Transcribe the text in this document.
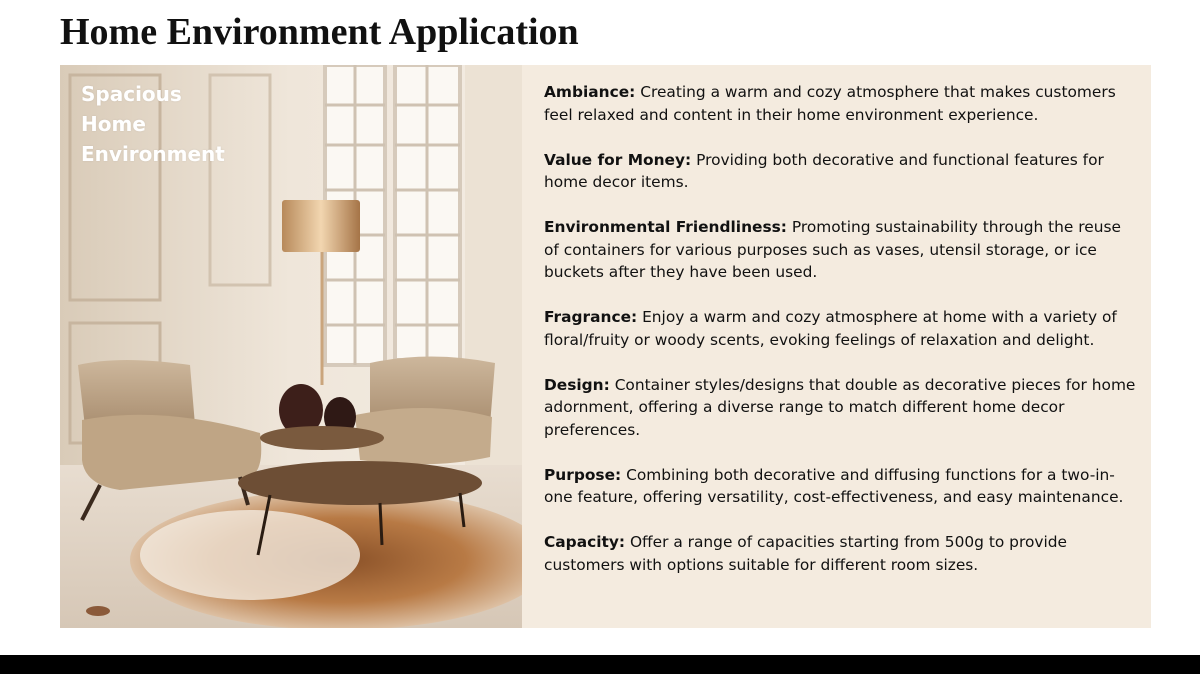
Home Environment Application
Spacious Home Environment

Ambiance: Creating a warm and cozy atmosphere that makes customers feel relaxed and content in their home environment experience.

Value for Money: Providing both decorative and functional features for home decor items.

Environmental Friendliness: Promoting sustainability through the reuse of containers for various purposes such as vases, utensil storage, or ice buckets after they have been used.

Fragrance: Enjoy a warm and cozy atmosphere at home with a variety of floral/fruity or woody scents, evoking feelings of relaxation and delight.

Design: Container styles/designs that double as decorative pieces for home adornment, offering a diverse range to match different home decor preferences.

Purpose: Combining both decorative and diffusing functions for a two-in-one feature, offering versatility, cost-effectiveness, and easy maintenance.

Capacity: Offer a range of capacities starting from 500g to provide customers with options suitable for different room sizes.
